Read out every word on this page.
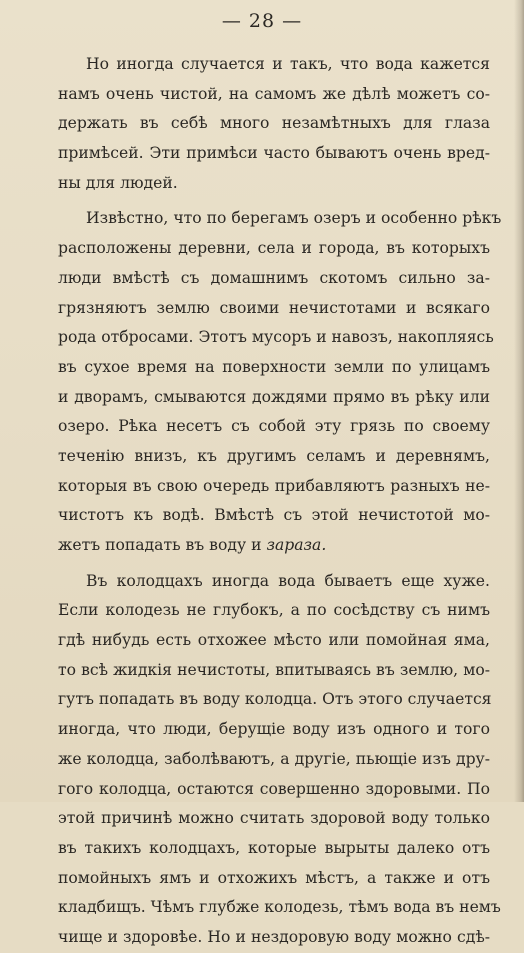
— 28 —
Но иногда случается и такъ, что вода кажется
намъ очень чистой, на самомъ же дѣлѣ можетъ со-
держать въ себѣ много незамѣтныхъ для глаза
примѣсей. Эти примѣси часто бываютъ очень вред-
ны для людей.
Извѣстно, что по берегамъ озеръ и особенно рѣкъ
расположены деревни, села и города, въ которыхъ
люди вмѣстѣ съ домашнимъ скотомъ сильно за-
грязняютъ землю своими нечистотами и всякаго
рода отбросами. Этотъ мусоръ и навозъ, накопляясь
въ сухое время на поверхности земли по улицамъ
и дворамъ, смываются дождями прямо въ рѣку или
озеро. Рѣка несетъ съ собой эту грязь по своему
теченію внизъ, къ другимъ селамъ и деревнямъ,
которыя въ свою очередь прибавляютъ разныхъ не-
чистотъ къ водѣ. Вмѣстѣ съ этой нечистотой мо-
жетъ попадать въ воду и зараза.
Въ колодцахъ иногда вода бываетъ еще хуже.
Если колодезь не глубокъ, а по сосѣдству съ нимъ
гдѣ нибудь есть отхожее мѣсто или помойная яма,
то всѣ жидкія нечистоты, впитываясь въ землю, мо-
гутъ попадать въ воду колодца. Отъ этого случается
иногда, что люди, берущіе воду изъ одного и того
же колодца, заболѣваютъ, а другіе, пьющіе изъ дру-
гого колодца, остаются совершенно здоровыми. По
этой причинѣ можно считать здоровой воду только
въ такихъ колодцахъ, которые вырыты далеко отъ
помойныхъ ямъ и отхожихъ мѣстъ, а также и отъ
кладбищъ. Чѣмъ глубже колодезь, тѣмъ вода въ немъ
чище и здоровѣе. Но и нездоровую воду можно сдѣ-
